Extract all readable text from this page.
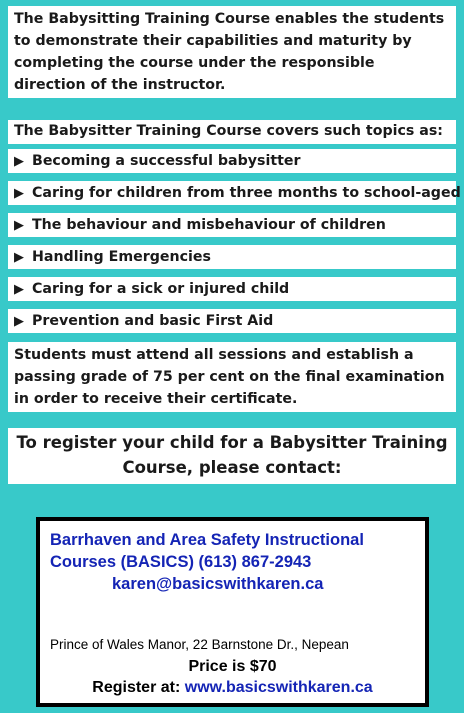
The Babysitting Training Course enables the students to demonstrate their capabilities and maturity by completing the course under the responsible direction of the instructor.
The Babysitter Training Course covers such topics as:
▶ Becoming a successful babysitter
▶ Caring for children from three months to school-aged
▶ The behaviour and misbehaviour of children
▶ Handling Emergencies
▶ Caring for a sick or injured child
▶ Prevention and basic First Aid
Students must attend all sessions and establish a passing grade of 75 per cent on the final examination in order to receive their certificate.
To register your child for a Babysitter Training Course, please contact:
Barrhaven and Area Safety Instructional
Courses (BASICS) (613) 867-2943
karen@basicswithkaren.ca
Prince of Wales Manor, 22 Barnstone Dr., Nepean
Price is $70
Register at: www.basicswithkaren.ca
